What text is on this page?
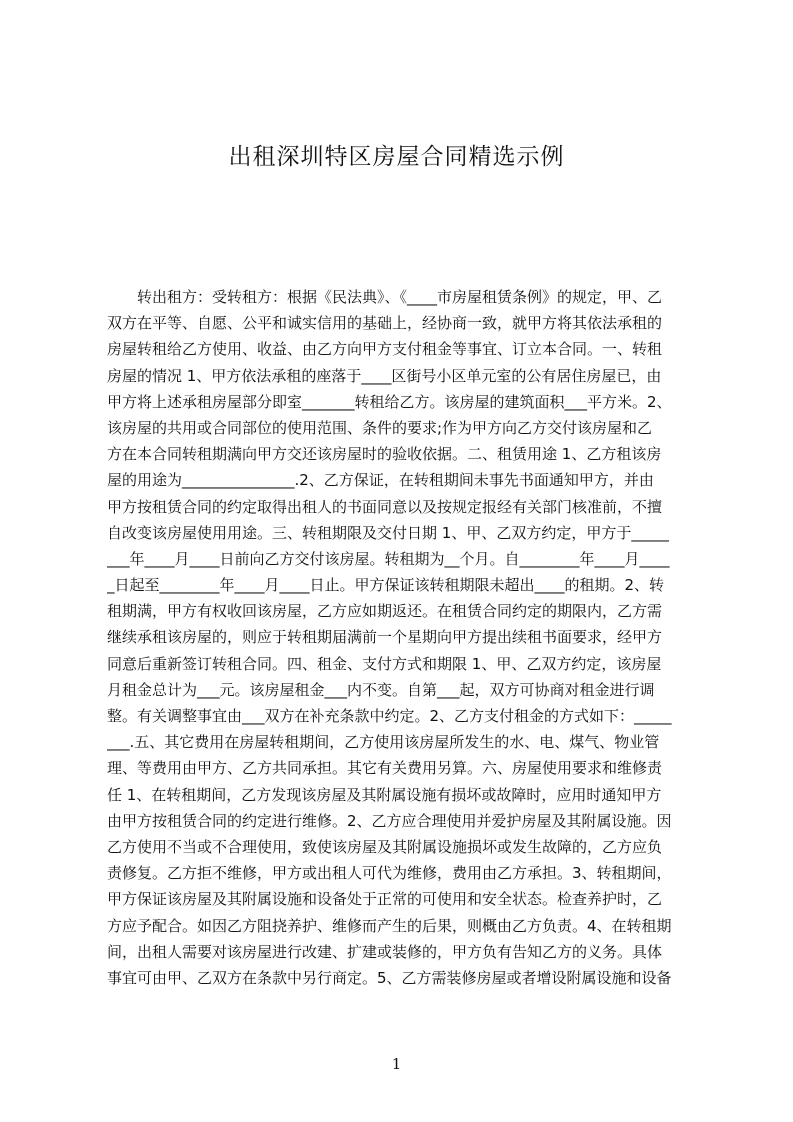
出租深圳特区房屋合同精选示例
转出租方：受转租方：根据《民法典》、《____市房屋租赁条例》的规定，甲、乙
双方在平等、自愿、公平和诚实信用的基础上，经协商一致，就甲方将其依法承租的
房屋转租给乙方使用、收益、由乙方向甲方支付租金等事宜、订立本合同。一、转租
房屋的情况 1、甲方依法承租的座落于____区街号小区单元室的公有居住房屋已，由
甲方将上述承租房屋部分即室_______转租给乙方。该房屋的建筑面积___平方米。2、
该房屋的共用或合同部位的使用范围、条件的要求;作为甲方向乙方交付该房屋和乙
方在本合同转租期满向甲方交还该房屋时的验收依据。二、租赁用途 1、乙方租该房
屋的用途为_______________.2、乙方保证，在转租期间未事先书面通知甲方，并由
甲方按租赁合同的约定取得出租人的书面同意以及按规定报经有关部门核准前，不擅
自改变该房屋使用用途。三、转租期限及交付日期 1、甲、乙双方约定，甲方于_____
___年____月____日前向乙方交付该房屋。转租期为__个月。自________年____月____
_日起至________年____月____日止。甲方保证该转租期限未超出____的租期。2、转
租期满，甲方有权收回该房屋，乙方应如期返还。在租赁合同约定的期限内，乙方需
继续承租该房屋的，则应于转租期届满前一个星期向甲方提出续租书面要求，经甲方
同意后重新签订转租合同。四、租金、支付方式和期限 1、甲、乙双方约定，该房屋
月租金总计为___元。该房屋租金___内不变。自第___起，双方可协商对租金进行调
整。有关调整事宜由___双方在补充条款中约定。2、乙方支付租金的方式如下：_____
___.五、其它费用在房屋转租期间，乙方使用该房屋所发生的水、电、煤气、物业管
理、等费用由甲方、乙方共同承担。其它有关费用另算。六、房屋使用要求和维修责
任 1、在转租期间，乙方发现该房屋及其附属设施有损坏或故障时，应用时通知甲方
由甲方按租赁合同的约定进行维修。2、乙方应合理使用并爱护房屋及其附属设施。因
乙方使用不当或不合理使用，致使该房屋及其附属设施损坏或发生故障的，乙方应负
责修复。乙方拒不维修，甲方或出租人可代为维修，费用由乙方承担。3、转租期间，
甲方保证该房屋及其附属设施和设备处于正常的可使用和安全状态。检查养护时，乙
方应予配合。如因乙方阻挠养护、维修而产生的后果，则概由乙方负责。4、在转租期
间，出租人需要对该房屋进行改建、扩建或装修的，甲方负有告知乙方的义务。具体
事宜可由甲、乙双方在条款中另行商定。5、乙方需装修房屋或者增设附属设施和设备
1
